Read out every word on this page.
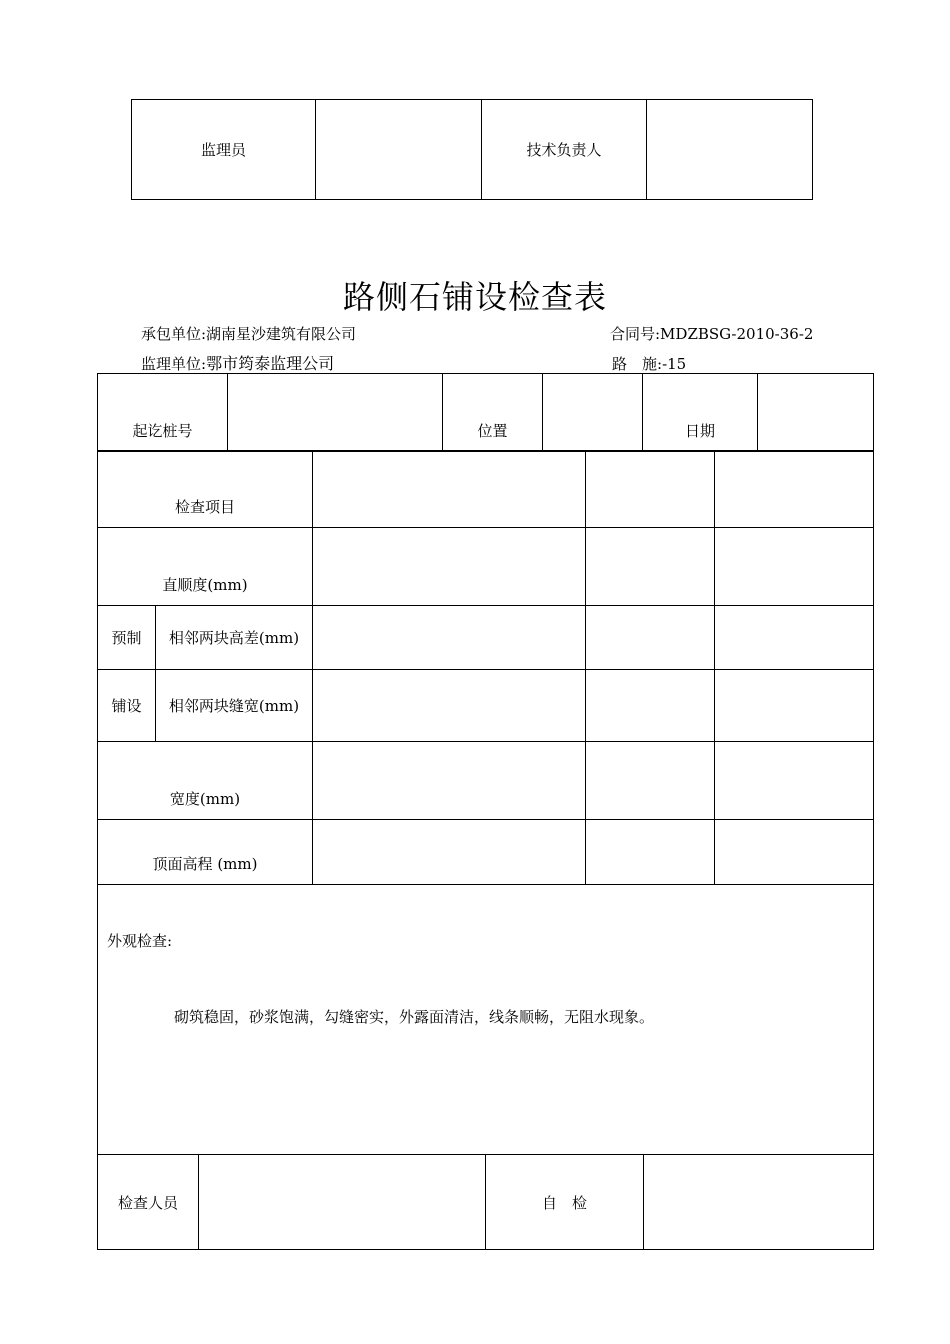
监理员		技术负责人	
路侧石铺设检查表
承包单位:湖南星沙建筑有限公司	合同号:MDZBSG-2010-36-2
监理单位:鄂市筠泰监理公司	路　施:-15
起讫桩号		位置		日期	
检查项目				
直顺度(mm)				
预制	相邻两块高差(mm)			
铺设	相邻两块缝宽(mm)			
宽度(mm)				
顶面高程 (mm)				

外观检查:
砌筑稳固，砂浆饱满，勾缝密实，外露面清洁，线条顺畅，无阻水现象。
检查人员		自　检	
